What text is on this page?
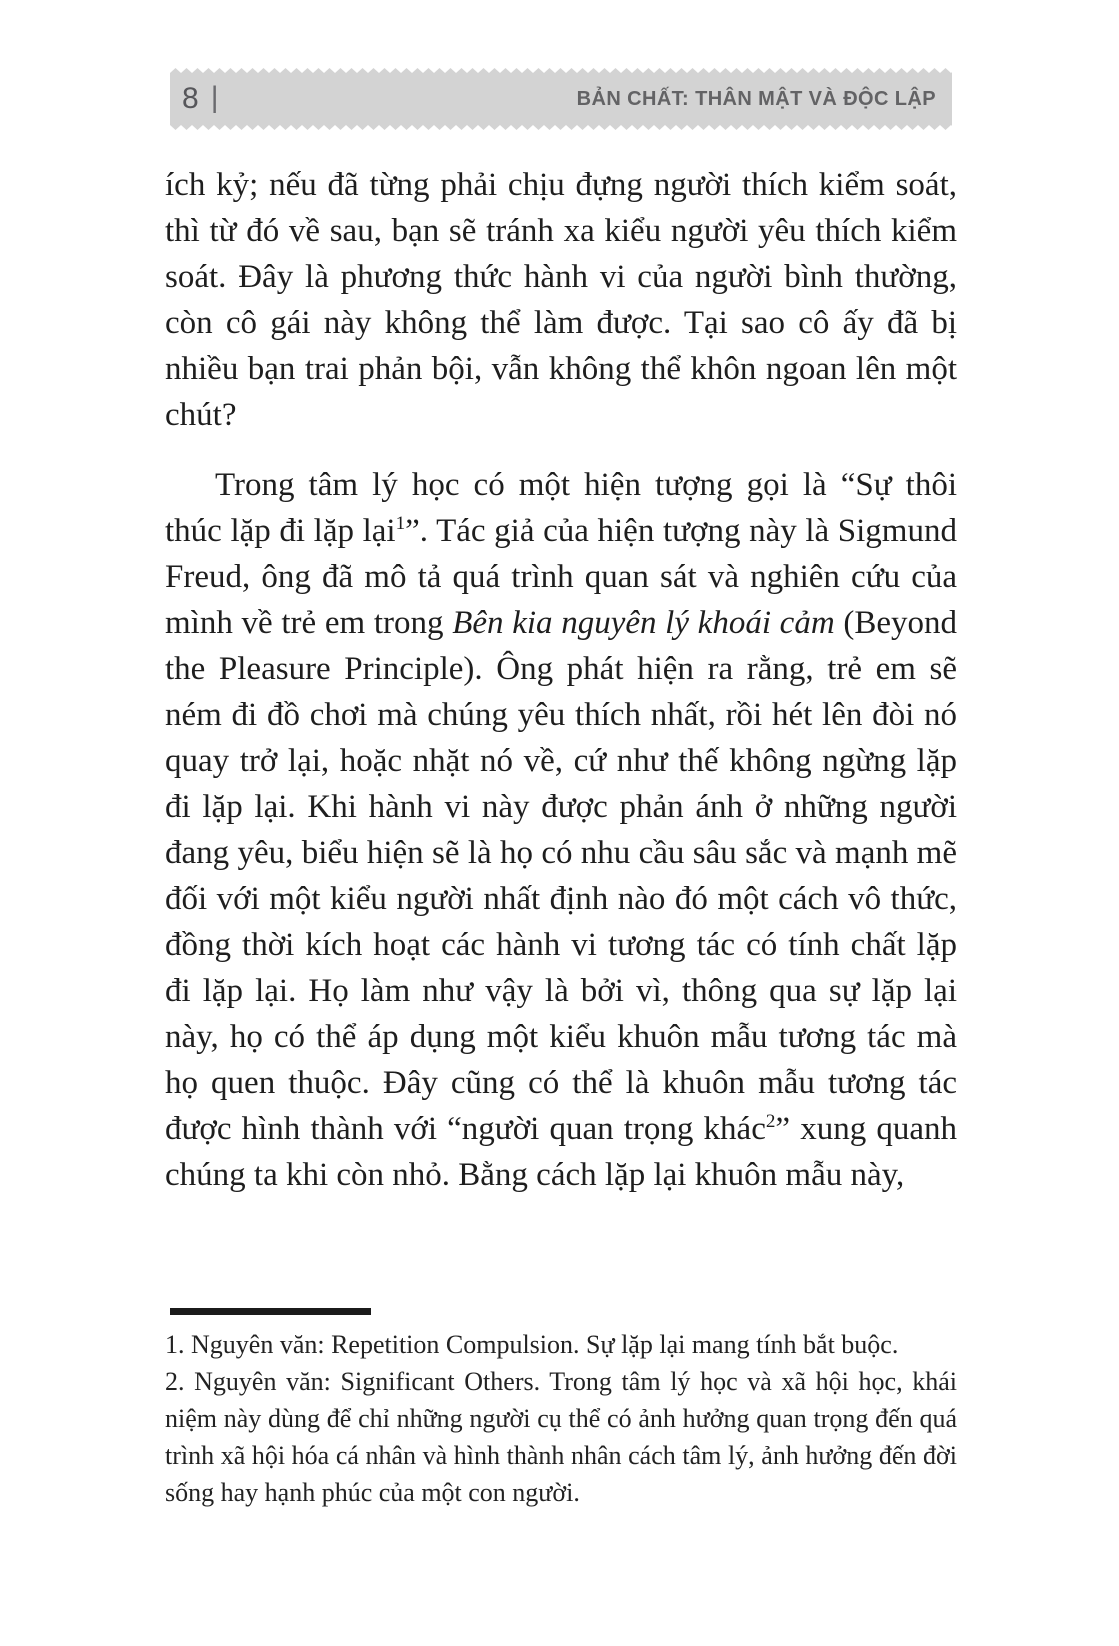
8 |	BẢN CHẤT: THÂN MẬT VÀ ĐỘC LẬP

ích kỷ; nếu đã từng phải chịu đựng người thích kiểm soát, thì từ đó về sau, bạn sẽ tránh xa kiểu người yêu thích kiểm soát. Đây là phương thức hành vi của người bình thường, còn cô gái này không thể làm được. Tại sao cô ấy đã bị nhiều bạn trai phản bội, vẫn không thể khôn ngoan lên một chút?

Trong tâm lý học có một hiện tượng gọi là “Sự thôi thúc lặp đi lặp lại$^1$”. Tác giả của hiện tượng này là Sigmund Freud, ông đã mô tả quá trình quan sát và nghiên cứu của mình về trẻ em trong Bên kia nguyên lý khoái cảm (Beyond the Pleasure Principle). Ông phát hiện ra rằng, trẻ em sẽ ném đi đồ chơi mà chúng yêu thích nhất, rồi hét lên đòi nó quay trở lại, hoặc nhặt nó về, cứ như thế không ngừng lặp đi lặp lại. Khi hành vi này được phản ánh ở những người đang yêu, biểu hiện sẽ là họ có nhu cầu sâu sắc và mạnh mẽ đối với một kiểu người nhất định nào đó một cách vô thức, đồng thời kích hoạt các hành vi tương tác có tính chất lặp đi lặp lại. Họ làm như vậy là bởi vì, thông qua sự lặp lại này, họ có thể áp dụng một kiểu khuôn mẫu tương tác mà họ quen thuộc. Đây cũng có thể là khuôn mẫu tương tác được hình thành với “người quan trọng khác$^2$” xung quanh chúng ta khi còn nhỏ. Bằng cách lặp lại khuôn mẫu này,

1. Nguyên văn: Repetition Compulsion. Sự lặp lại mang tính bắt buộc.

2. Nguyên văn: Significant Others. Trong tâm lý học và xã hội học, khái niệm này dùng để chỉ những người cụ thể có ảnh hưởng quan trọng đến quá trình xã hội hóa cá nhân và hình thành nhân cách tâm lý, ảnh hưởng đến đời sống hay hạnh phúc của một con người.
